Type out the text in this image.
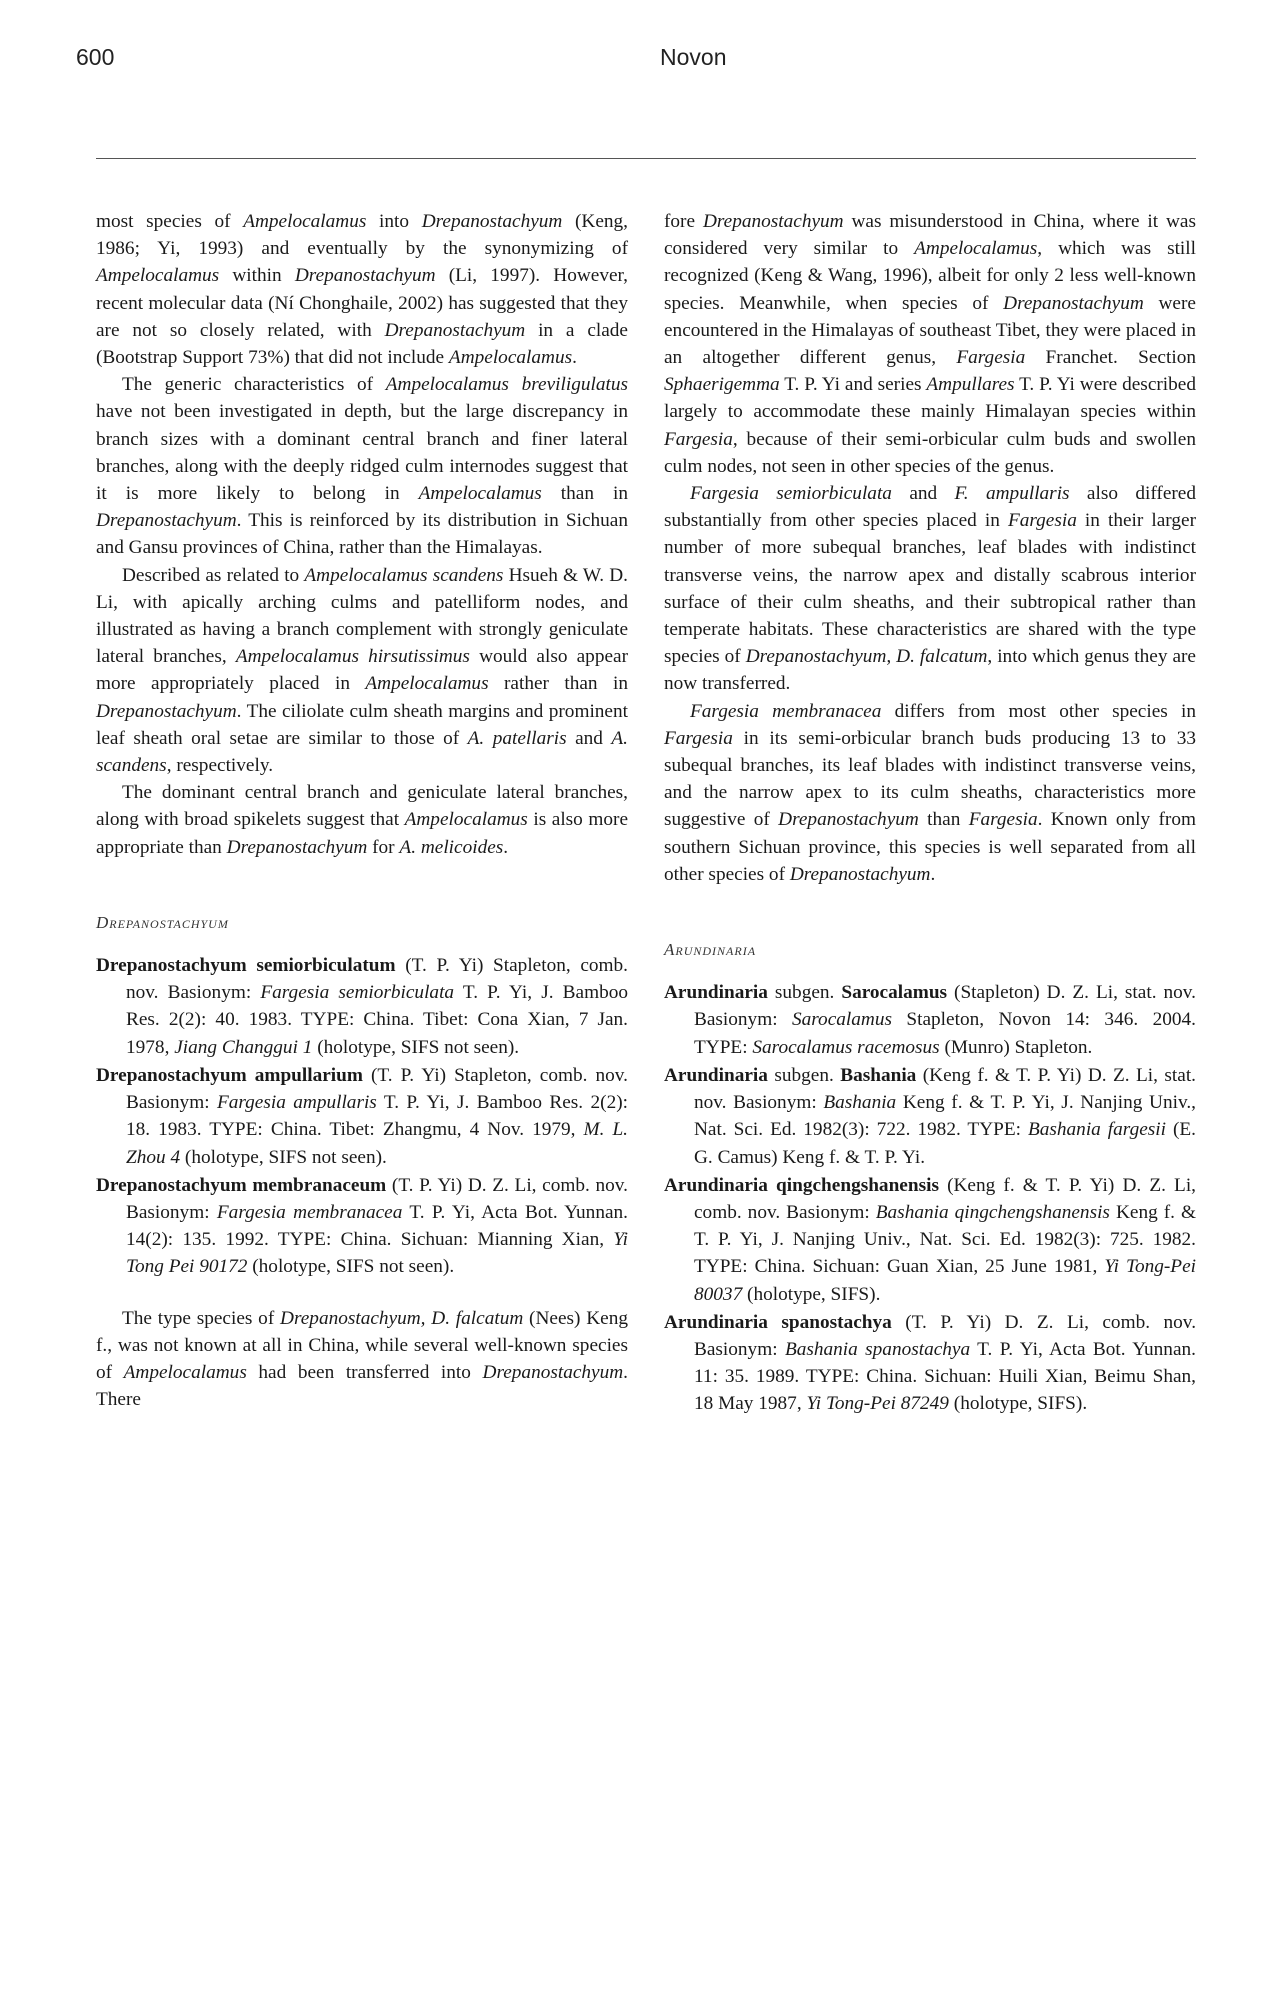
600	Novon

most species of Ampelocalamus into Drepanostachyum (Keng, 1986; Yi, 1993) and eventually by the synonymizing of Ampelocalamus within Drepanostachyum (Li, 1997). However, recent molecular data (Ní Chonghaile, 2002) has suggested that they are not so closely related, with Drepanostachyum in a clade (Bootstrap Support 73%) that did not include Ampelocalamus.

The generic characteristics of Ampelocalamus breviligulatus have not been investigated in depth, but the large discrepancy in branch sizes with a dominant central branch and finer lateral branches, along with the deeply ridged culm internodes suggest that it is more likely to belong in Ampelocalamus than in Drepanostachyum. This is reinforced by its distribution in Sichuan and Gansu provinces of China, rather than the Himalayas.

Described as related to Ampelocalamus scandens Hsueh & W. D. Li, with apically arching culms and patelliform nodes, and illustrated as having a branch complement with strongly geniculate lateral branches, Ampelocalamus hirsutissimus would also appear more appropriately placed in Ampelocalamus rather than in Drepanostachyum. The ciliolate culm sheath margins and prominent leaf sheath oral setae are similar to those of A. patellaris and A. scandens, respectively.

The dominant central branch and geniculate lateral branches, along with broad spikelets suggest that Ampelocalamus is also more appropriate than Drepanostachyum for A. melicoides.

Drepanostachyum

Drepanostachyum semiorbiculatum (T. P. Yi) Stapleton, comb. nov. Basionym: Fargesia semiorbiculata T. P. Yi, J. Bamboo Res. 2(2): 40. 1983. TYPE: China. Tibet: Cona Xian, 7 Jan. 1978, Jiang Changgui 1 (holotype, SIFS not seen).

Drepanostachyum ampullarium (T. P. Yi) Stapleton, comb. nov. Basionym: Fargesia ampullaris T. P. Yi, J. Bamboo Res. 2(2): 18. 1983. TYPE: China. Tibet: Zhangmu, 4 Nov. 1979, M. L. Zhou 4 (holotype, SIFS not seen).

Drepanostachyum membranaceum (T. P. Yi) D. Z. Li, comb. nov. Basionym: Fargesia membranacea T. P. Yi, Acta Bot. Yunnan. 14(2): 135. 1992. TYPE: China. Sichuan: Mianning Xian, Yi Tong Pei 90172 (holotype, SIFS not seen).

The type species of Drepanostachyum, D. falcatum (Nees) Keng f., was not known at all in China, while several well-known species of Ampelocalamus had been transferred into Drepanostachyum. There

fore Drepanostachyum was misunderstood in China, where it was considered very similar to Ampelocalamus, which was still recognized (Keng & Wang, 1996), albeit for only 2 less well-known species. Meanwhile, when species of Drepanostachyum were encountered in the Himalayas of southeast Tibet, they were placed in an altogether different genus, Fargesia Franchet. Section Sphaerigemma T. P. Yi and series Ampullares T. P. Yi were described largely to accommodate these mainly Himalayan species within Fargesia, because of their semi-orbicular culm buds and swollen culm nodes, not seen in other species of the genus.

Fargesia semiorbiculata and F. ampullaris also differed substantially from other species placed in Fargesia in their larger number of more subequal branches, leaf blades with indistinct transverse veins, the narrow apex and distally scabrous interior surface of their culm sheaths, and their subtropical rather than temperate habitats. These characteristics are shared with the type species of Drepanostachyum, D. falcatum, into which genus they are now transferred.

Fargesia membranacea differs from most other species in Fargesia in its semi-orbicular branch buds producing 13 to 33 subequal branches, its leaf blades with indistinct transverse veins, and the narrow apex to its culm sheaths, characteristics more suggestive of Drepanostachyum than Fargesia. Known only from southern Sichuan province, this species is well separated from all other species of Drepanostachyum.

Arundinaria

Arundinaria subgen. Sarocalamus (Stapleton) D. Z. Li, stat. nov. Basionym: Sarocalamus Stapleton, Novon 14: 346. 2004. TYPE: Sarocalamus racemosus (Munro) Stapleton.

Arundinaria subgen. Bashania (Keng f. & T. P. Yi) D. Z. Li, stat. nov. Basionym: Bashania Keng f. & T. P. Yi, J. Nanjing Univ., Nat. Sci. Ed. 1982(3): 722. 1982. TYPE: Bashania fargesii (E. G. Camus) Keng f. & T. P. Yi.

Arundinaria qingchengshanensis (Keng f. & T. P. Yi) D. Z. Li, comb. nov. Basionym: Bashania qingchengshanensis Keng f. & T. P. Yi, J. Nanjing Univ., Nat. Sci. Ed. 1982(3): 725. 1982. TYPE: China. Sichuan: Guan Xian, 25 June 1981, Yi Tong-Pei 80037 (holotype, SIFS).

Arundinaria spanostachya (T. P. Yi) D. Z. Li, comb. nov. Basionym: Bashania spanostachya T. P. Yi, Acta Bot. Yunnan. 11: 35. 1989. TYPE: China. Sichuan: Huili Xian, Beimu Shan, 18 May 1987, Yi Tong-Pei 87249 (holotype, SIFS).
